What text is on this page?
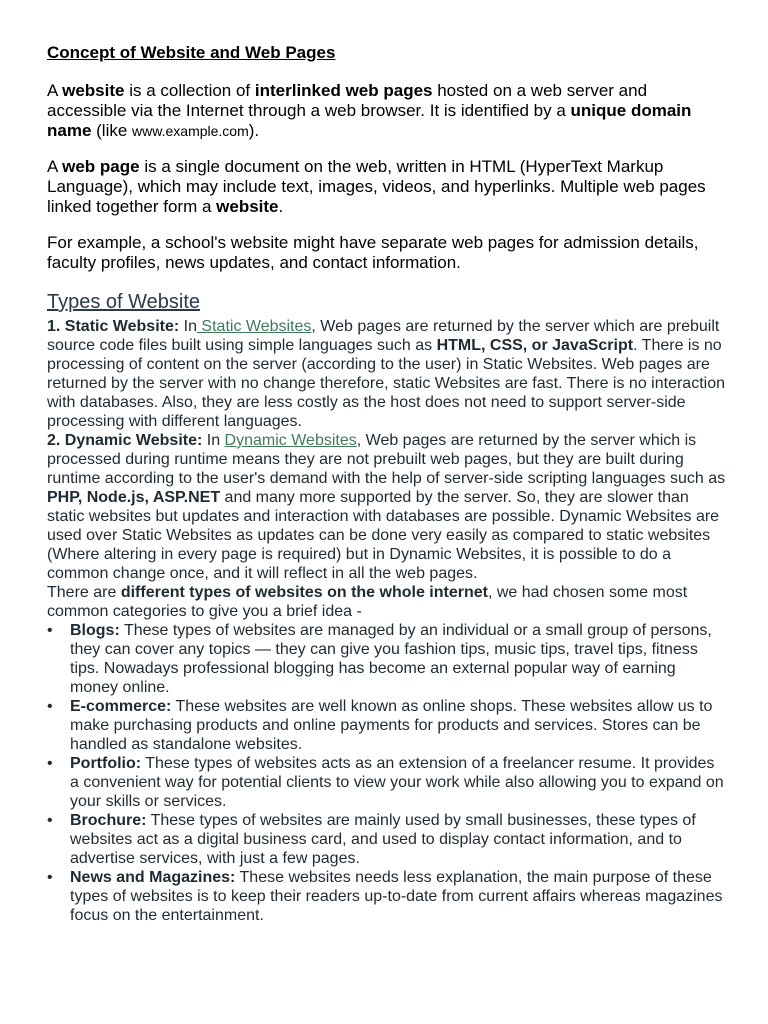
Concept of Website and Web Pages

A website is a collection of interlinked web pages hosted on a web server and accessible via the Internet through a web browser. It is identified by a unique domain name (like www.example.com).

A web page is a single document on the web, written in HTML (HyperText Markup Language), which may include text, images, videos, and hyperlinks. Multiple web pages linked together form a website.

For example, a school's website might have separate web pages for admission details, faculty profiles, news updates, and contact information.

Types of Website

1. Static Website: In Static Websites, Web pages are returned by the server which are prebuilt source code files built using simple languages such as HTML, CSS, or JavaScript. There is no processing of content on the server (according to the user) in Static Websites. Web pages are returned by the server with no change therefore, static Websites are fast. There is no interaction with databases. Also, they are less costly as the host does not need to support server-side processing with different languages.

2. Dynamic Website: In Dynamic Websites, Web pages are returned by the server which is processed during runtime means they are not prebuilt web pages, but they are built during runtime according to the user's demand with the help of server-side scripting languages such as PHP, Node.js, ASP.NET and many more supported by the server. So, they are slower than static websites but updates and interaction with databases are possible. Dynamic Websites are used over Static Websites as updates can be done very easily as compared to static websites (Where altering in every page is required) but in Dynamic Websites, it is possible to do a common change once, and it will reflect in all the web pages.

There are different types of websites on the whole internet, we had chosen some most common categories to give you a brief idea -

• Blogs: These types of websites are managed by an individual or a small group of persons, they can cover any topics — they can give you fashion tips, music tips, travel tips, fitness tips. Nowadays professional blogging has become an external popular way of earning money online.
• E-commerce: These websites are well known as online shops. These websites allow us to make purchasing products and online payments for products and services. Stores can be handled as standalone websites.
• Portfolio: These types of websites acts as an extension of a freelancer resume. It provides a convenient way for potential clients to view your work while also allowing you to expand on your skills or services.
• Brochure: These types of websites are mainly used by small businesses, these types of websites act as a digital business card, and used to display contact information, and to advertise services, with just a few pages.
• News and Magazines: These websites needs less explanation, the main purpose of these types of websites is to keep their readers up-to-date from current affairs whereas magazines focus on the entertainment.
